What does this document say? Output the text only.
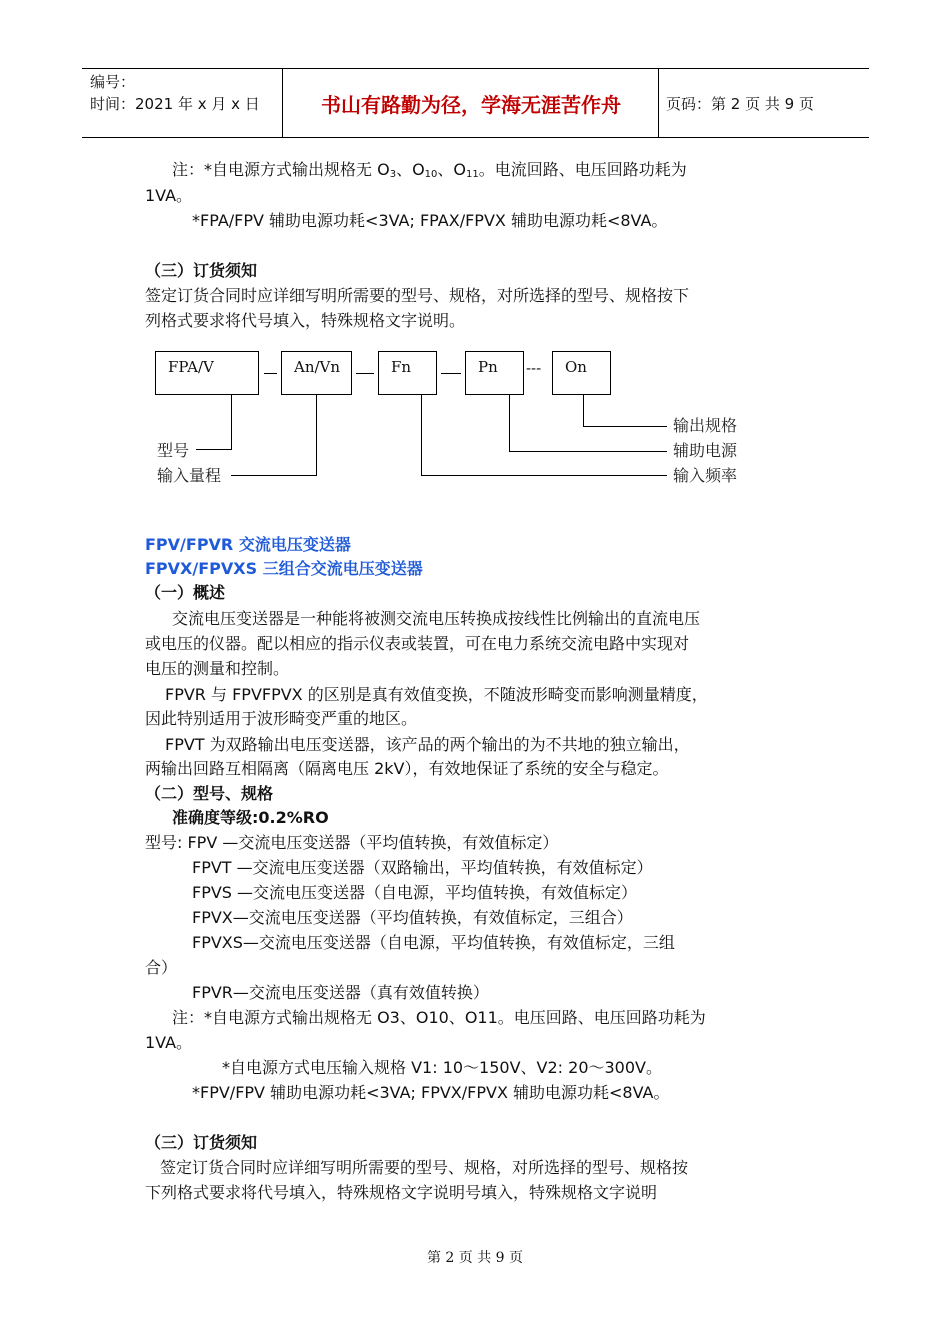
编号：
时间：2021 年 x 月 x 日	书山有路勤为径，学海无涯苦作舟	页码：第 2 页 共 9 页
注：*自电源方式输出规格无 $O_3$、$O_{10}$、$O_{11}$。电流回路、电压回路功耗为
1VA。
*FPA/FPV 辅助电源功耗<3VA; FPAX/FPVX 辅助电源功耗<8VA。
（三）订货须知
签定订货合同时应详细写明所需要的型号、规格，对所选择的型号、规格按下
列格式要求将代号填入，特殊规格文字说明。
FPA/V	An/Vn	Fn	Pn	On
---
型号
输入量程
输出规格
辅助电源
输入频率
FPV/FPVR 交流电压变送器
FPVX/FPVXS 三组合交流电压变送器
（一）概述
交流电压变送器是一种能将被测交流电压转换成按线性比例输出的直流电压
或电压的仪器。配以相应的指示仪表或装置，可在电力系统交流电路中实现对
电压的测量和控制。
FPVR 与 FPVFPVX 的区别是真有效值变换，不随波形畸变而影响测量精度，
因此特别适用于波形畸变严重的地区。
FPVT 为双路输出电压变送器，该产品的两个输出的为不共地的独立输出，
两输出回路互相隔离（隔离电压 2kV），有效地保证了系统的安全与稳定。
（二）型号、规格
准确度等级:0.2%RO
型号: FPV —交流电压变送器（平均值转换，有效值标定）
FPVT —交流电压变送器（双路输出，平均值转换，有效值标定）
FPVS —交流电压变送器（自电源，平均值转换，有效值标定）
FPVX—交流电压变送器（平均值转换，有效值标定，三组合）
FPVXS—交流电压变送器（自电源，平均值转换，有效值标定，三组
合）
FPVR—交流电压变送器（真有效值转换）
注：*自电源方式输出规格无 O3、O10、O11。电压回路、电压回路功耗为
1VA。
*自电源方式电压输入规格 V1: 10～150V、V2: 20～300V。
*FPV/FPV 辅助电源功耗<3VA; FPVX/FPVX 辅助电源功耗<8VA。
（三）订货须知
签定订货合同时应详细写明所需要的型号、规格，对所选择的型号、规格按
下列格式要求将代号填入，特殊规格文字说明号填入，特殊规格文字说明
第 2 页 共 9 页
